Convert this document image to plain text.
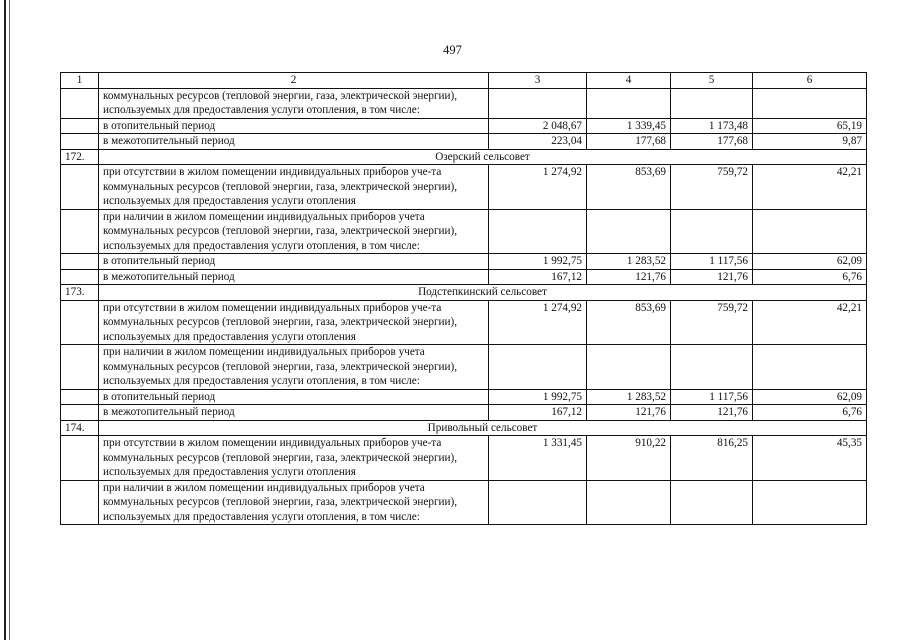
497
1	2	3	4	5	6
	коммунальных ресурсов (тепловой энергии, газа, электрической энергии), используемых для предоставления услуги отопления, в том числе:				
	в отопительный период	2 048,67	1 339,45	1 173,48	65,19
	в межотопительный период	223,04	177,68	177,68	9,87
172.	Озерский сельсовет				
	при отсутствии в жилом помещении индивидуальных приборов уче-та коммунальных ресурсов (тепловой энергии, газа, электрической энергии), используемых для предоставления услуги отопления	1 274,92	853,69	759,72	42,21
	при наличии в жилом помещении индивидуальных приборов учета коммунальных ресурсов (тепловой энергии, газа, электрической энергии), используемых для предоставления услуги отопления, в том числе:				
	в отопительный период	1 992,75	1 283,52	1 117,56	62,09
	в межотопительный период	167,12	121,76	121,76	6,76
173.	Подстепкинский сельсовет				
	при отсутствии в жилом помещении индивидуальных приборов уче-та коммунальных ресурсов (тепловой энергии, газа, электрической энергии), используемых для предоставления услуги отопления	1 274,92	853,69	759,72	42,21
	при наличии в жилом помещении индивидуальных приборов учета коммунальных ресурсов (тепловой энергии, газа, электрической энергии), используемых для предоставления услуги отопления, в том числе:				
	в отопительный период	1 992,75	1 283,52	1 117,56	62,09
	в межотопительный период	167,12	121,76	121,76	6,76
174.	Привольный сельсовет				
	при отсутствии в жилом помещении индивидуальных приборов уче-та коммунальных ресурсов (тепловой энергии, газа, электрической энергии), используемых для предоставления услуги отопления	1 331,45	910,22	816,25	45,35
	при наличии в жилом помещении индивидуальных приборов учета коммунальных ресурсов (тепловой энергии, газа, электрической энергии), используемых для предоставления услуги отопления, в том числе:				
